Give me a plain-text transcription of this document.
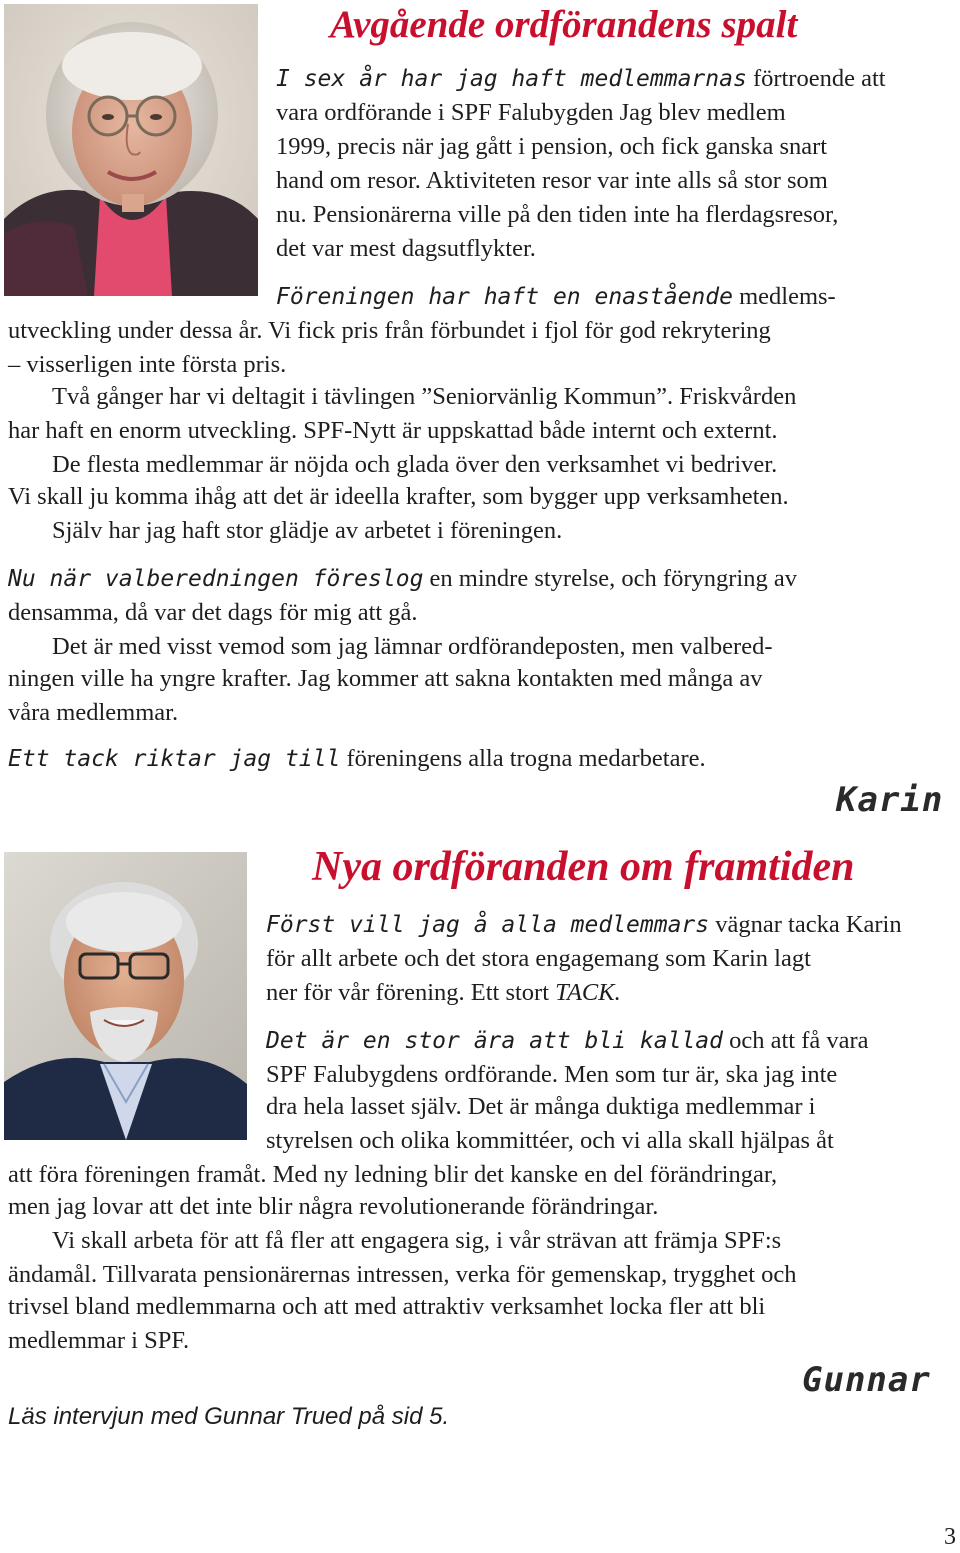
Avgående ordförandens spalt
I sex år har jag haft medlemmarnas förtroende att
vara ordförande i SPF Falubygden Jag blev medlem
1999, precis när jag gått i pension, och fick ganska snart
hand om resor. Aktiviteten resor var inte alls så stor som
nu. Pensionärerna ville på den tiden inte ha flerdagsresor,
det var mest dagsutflykter.
Föreningen har haft en enastående medlems-
utveckling under dessa år. Vi fick pris från förbundet i fjol för god rekrytering
– visserligen inte första pris.
Två gånger har vi deltagit i tävlingen ”Seniorvänlig Kommun”. Friskvården
har haft en enorm utveckling. SPF-Nytt är uppskattad både internt och externt.
De flesta medlemmar är nöjda och glada över den verksamhet vi bedriver.
Vi skall ju komma ihåg att det är ideella krafter, som bygger upp verksamheten.
Själv har jag haft stor glädje av arbetet i föreningen.
Nu när valberedningen föreslog en mindre styrelse, och föryngring av
densamma, då var det dags för mig att gå.
Det är med visst vemod som jag lämnar ordförandeposten, men valbered-
ningen ville ha yngre krafter. Jag kommer att sakna kontakten med många av
våra medlemmar.
Ett tack riktar jag till föreningens alla trogna medarbetare.
Karin
Nya ordföranden om framtiden
Först vill jag å alla medlemmars vägnar tacka Karin
för allt arbete och det stora engagemang som Karin lagt
ner för vår förening. Ett stort TACK.
Det är en stor ära att bli kallad och att få vara
SPF Falubygdens ordförande. Men som tur är, ska jag inte
dra hela lasset själv. Det är många duktiga medlemmar i
styrelsen och olika kommittéer, och vi alla skall hjälpas åt
att föra föreningen framåt. Med ny ledning blir det kanske en del förändringar,
men jag lovar att det inte blir några revolutionerande förändringar.
Vi skall arbeta för att få fler att engagera sig, i vår strävan att främja SPF:s
ändamål. Tillvarata pensionärernas intressen, verka för gemenskap, trygghet och
trivsel bland medlemmarna och att med attraktiv verksamhet locka fler att bli
medlemmar i SPF.
Gunnar
Läs intervjun med Gunnar Trued på sid 5.
3
